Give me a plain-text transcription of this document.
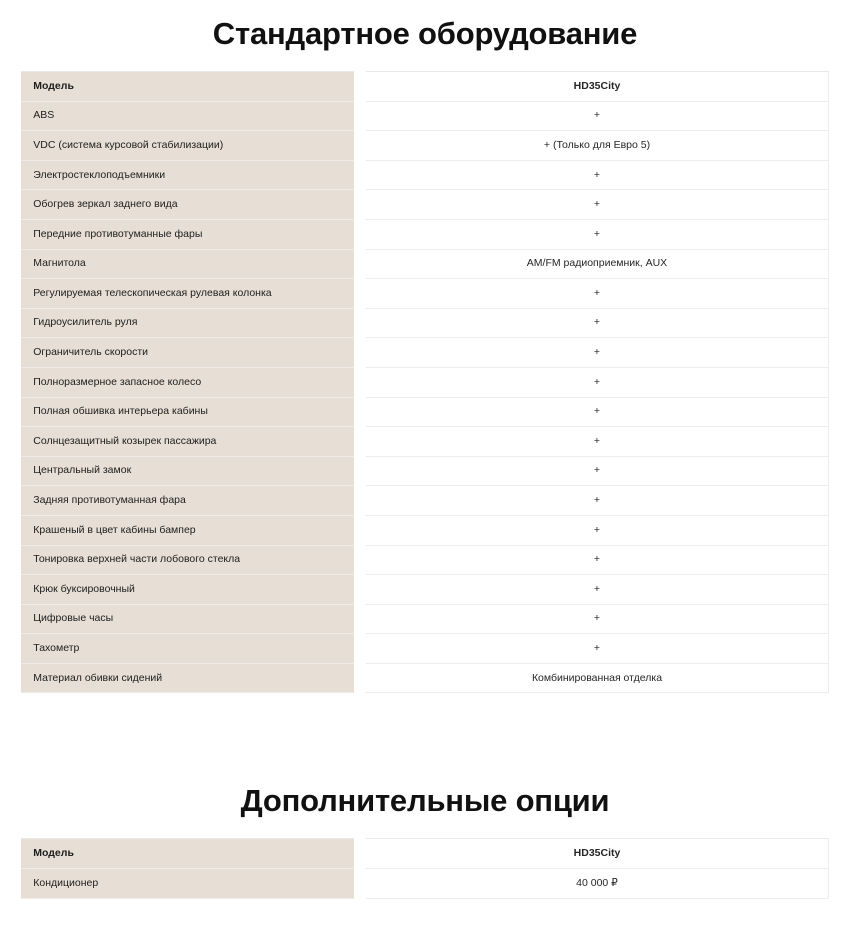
Стандартное оборудование
Модель	HD35City
ABS	+
VDC (система курсовой стабилизации)	+ (Только для Евро 5)
Электростеклоподъемники	+
Обогрев зеркал заднего вида	+
Передние противотуманные фары	+
Магнитола	AM/FM радиоприемник, AUX
Регулируемая телескопическая рулевая колонка	+
Гидроусилитель руля	+
Ограничитель скорости	+
Полноразмерное запасное колесо	+
Полная обшивка интерьера кабины	+
Солнцезащитный козырек пассажира	+
Центральный замок	+
Задняя противотуманная фара	+
Крашеный в цвет кабины бампер	+
Тонировка верхней части лобового стекла	+
Крюк буксировочный	+
Цифровые часы	+
Тахометр	+
Материал обивки сидений	Комбинированная отделка
Дополнительные опции
Модель	HD35City
Кондиционер	40 000 ₽
